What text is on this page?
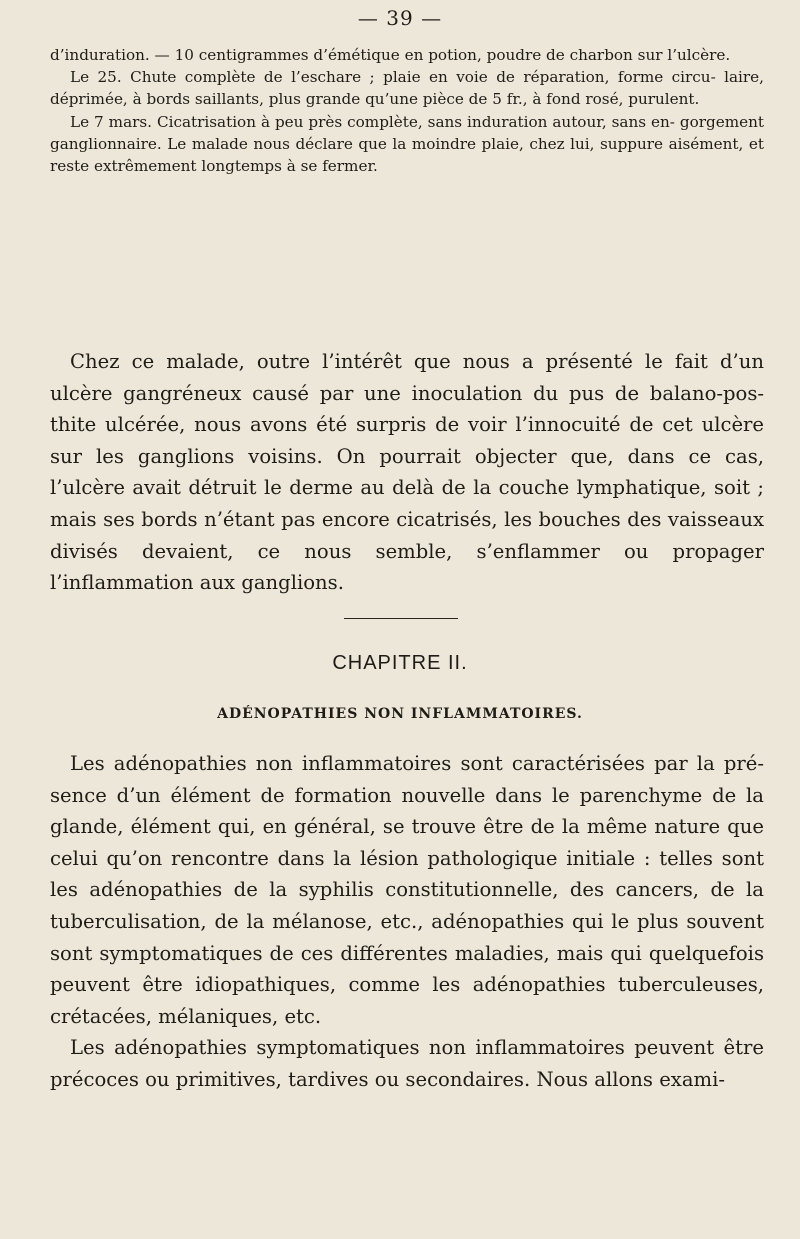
— 39 —

d’induration. — 10 centigrammes d’émétique en potion, poudre de charbon sur l’ulcère.

Le 25. Chute complète de l’eschare ; plaie en voie de réparation, forme circu- laire, déprimée, à bords saillants, plus grande qu’une pièce de 5 fr., à fond rosé, purulent.

Le 7 mars. Cicatrisation à peu près complète, sans induration autour, sans en- gorgement ganglionnaire. Le malade nous déclare que la moindre plaie, chez lui, suppure aisément, et reste extrêmement longtemps à se fermer.

Chez ce malade, outre l’intérêt que nous a présenté le fait d’un ulcère gangréneux causé par une inoculation du pus de balano-pos- thite ulcérée, nous avons été surpris de voir l’innocuité de cet ulcère sur les ganglions voisins. On pourrait objecter que, dans ce cas, l’ulcère avait détruit le derme au delà de la couche lymphatique, soit ; mais ses bords n’étant pas encore cicatrisés, les bouches des vaisseaux divisés devaient, ce nous semble, s’enflammer ou propager l’inflammation aux ganglions.

CHAPITRE II.
ADÉNOPATHIES NON INFLAMMATOIRES.

Les adénopathies non inflammatoires sont caractérisées par la pré- sence d’un élément de formation nouvelle dans le parenchyme de la glande, élément qui, en général, se trouve être de la même nature que celui qu’on rencontre dans la lésion pathologique initiale : telles sont les adénopathies de la syphilis constitutionnelle, des cancers, de la tuberculisation, de la mélanose, etc., adénopathies qui le plus souvent sont symptomatiques de ces différentes maladies, mais qui quelquefois peuvent être idiopathiques, comme les adénopathies tuberculeuses, crétacées, mélaniques, etc.

Les adénopathies symptomatiques non inflammatoires peuvent être précoces ou primitives, tardives ou secondaires. Nous allons exami-
